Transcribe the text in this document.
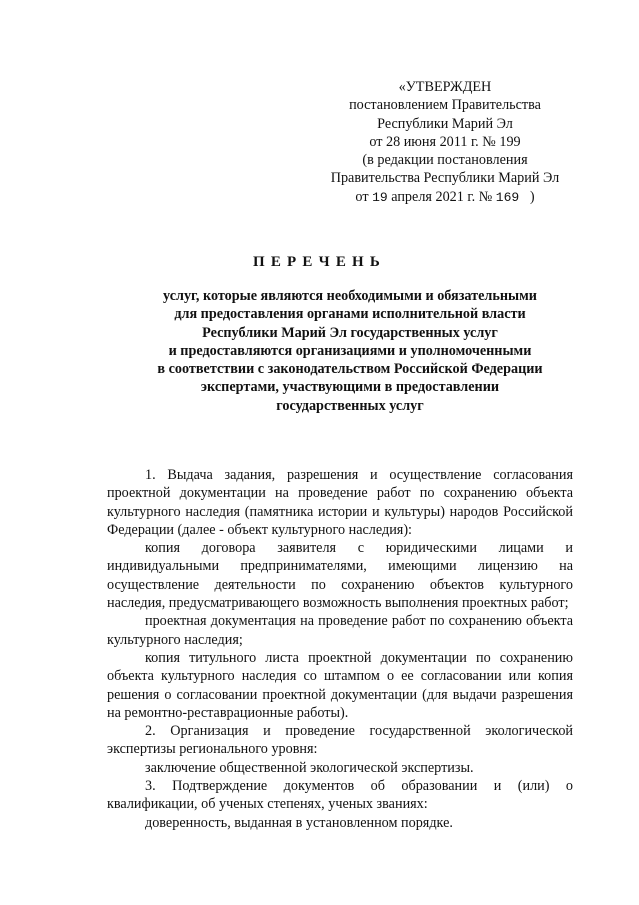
«УТВЕРЖДЕН
постановлением Правительства
Республики Марий Эл
от 28 июня 2011 г. № 199
(в редакции постановления
Правительства Республики Марий Эл
от 19 апреля 2021 г. № 169 )
ПЕРЕЧЕНЬ
услуг, которые являются необходимыми и обязательными
для предоставления органами исполнительной власти
Республики Марий Эл государственных услуг
и предоставляются организациями и уполномоченными
в соответствии с законодательством Российской Федерации
экспертами, участвующими в предоставлении
государственных услуг

1. Выдача задания, разрешения и осуществление согласования проектной документации на проведение работ по сохранению объекта культурного наследия (памятника истории и культуры) народов Российской Федерации (далее - объект культурного наследия):

копия договора заявителя с юридическими лицами и индивидуальными предпринимателями, имеющими лицензию на осуществление деятельности по сохранению объектов культурного наследия, предусматривающего возможность выполнения проектных работ;

проектная документация на проведение работ по сохранению объекта культурного наследия;

копия титульного листа проектной документации по сохранению объекта культурного наследия со штампом о ее согласовании или копия решения о согласовании проектной документации (для выдачи разрешения на ремонтно-реставрационные работы).

2. Организация и проведение государственной экологической экспертизы регионального уровня:

заключение общественной экологической экспертизы.

3. Подтверждение документов об образовании и (или) о квалификации, об ученых степенях, ученых званиях:

доверенность, выданная в установленном порядке.
